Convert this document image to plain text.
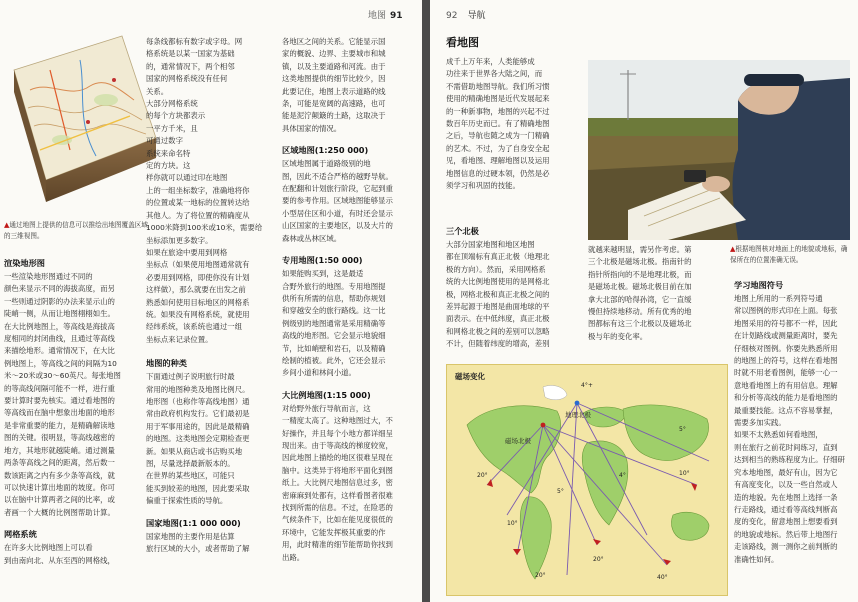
地图 91
▲通过地图上提供的信息可以推绘出地图覆盖区域的三维视图。
渲染地形图
一些渲染地形图通过不同的
颜色来显示不同的海拔高度，而另
一些则通过阴影的办法来显示山的
陡峭一侧，从而让地图栩栩如生。
在大比例地图上，等高线是海拔高
度相同的封闭曲线，且通过等高线
来描绘地形。通常情况下，在大比
例地图上，等高线之间的间隔为10
米～20米或30～60英尺。每张地图
的等高线间隔可能不一样，进行重
要计算时要先核实。通过看地图的
等高线而在脑中想象出地面的地形
是非常重要的能力，是精确解读地
图的关键。很明显，等高线越密的
地方，其地形就越陡峭。通过测量
两条等高线之间的距离，然后数一
数该距离之内有多少条等高线，就
可以快速计算出地面的坡度。你可
以在脑中计算两者之间的比率，或
者画一个大概的比例图帮助计算。
网格系统
在许多大比例地图上可以看
到由南向北、从东至西的网格线，
每条线都标有数字或字母。网
格系统是以某一国家为基础
的，通常情况下，两个相邻
国家的网格系统没有任何
关系。
大部分网格系统
的每个方块都表示
一平方千米，且
可通过数字
系统来命名特
定的方块。这
样你就可以通过印在地图
上的一组坐标数字，准确地将你
的位置或某一地标的位置转达给
其他人。为了将位置的精确度从
1000米降到100米或10米，需要给
坐标添加更多数字。
如果在旅途中要用到网格
坐标点（如果使用地图通常就有
必要用到网格，即使你没有计划
这样做），那么就要在出发之前
熟悉如何使用目标地区的网格系
统。如果没有网格系统，就使用
经纬系统，该系统也通过一组
坐标点来记录位置。
地图的种类
下面通过例子说明旅行时最
常用的地图种类及地图比例尺。
地形图（也称作等高线地图）通
常由政府机构发行。它们最初是
用于军事用途的，因此是最精确
的地图。这类地图会定期检查更
新。如果从商店或书店购买地
图，尽量选择最新版本的。
在世界的某些地区，可能只
能买到较差的地图，因此要采取
偏重于探索性质的导航。
国家地图(1:1 000 000)
国家地图的主要作用是估算
旅行区域的大小，或者帮助了解
各地区之间的关系。它能显示国
家的概貌、边界、主要城市和城
镇，以及主要道路和河流。由于
这类地图提供的细节比较少，因
此要记住，地图上表示道路的线
条，可能是宽阔的高速路，也可
能是泥泞颠簸的土路，这取决于
具体国家的情况。
区域地图(1:250 000)
区域地图属于道路级别的地
图，因此不适合严格的越野导航。
在配翻和计划旅行阶段，它起到重
要的参考作用。区域地图能够显示
小型居住区和小道，有时还会显示
山区国家的主要地区，以及大片的
森林或丛林区域。
专用地图(1:50 000)
如果能购买到，这是最适
合野外旅行的地图。专用地图提
供所有所需的信息，帮助你规划
和穿越安全的旅行路线。这一比
例级别的地图通常是采用精确等
高线的地形图。它会显示地貌细
节，比如峭壁和岩石，以及精确
绘制的植被。此外，它还会显示
乡间小道和林间小道。
大比例地图(1:15 000)
对给野外旅行导航而言，这
一精度太高了。这种地图过大，不
好操作，并且每个小地方都详细呈
现出来。由于等高线的梯度较宽，
因此地图上描绘的地区很难呈现在
脑中。这类异于将地形平面化到图
纸上。大比例尺地图信息过多，密
密麻麻到处都有，这样看图者很难
找到所需的信息。不过，在险恶的
气候条件下，比如在能见度很低的
环境中，它能发挥极其重要的作
用，此时精准的细节能帮助你找到
出路。
92 导航
看地图
成千上万年来，人类能够成
功往来于世界各大陆之间，而
不需借助地图导航。我们所习惯
使用的精确地图是近代发展起来
的一种新事物，地图的兴起不过
数百年历史而已。有了精确地图
之后，导航也随之成为一门精确
的艺术。不过，为了自身安全起
见，看地图、理解地图以及运用
地图信息的过硬本领，仍然是必
须学习和巩固的技能。
▲根据地图核对地面上的地貌或地标，确保所在的位置准确无误。
三个北极
大部分国家地图和地区地图
都在顶端标有真正北极（地理北
极的方向）。然而，采用网格系
统的大比例地图使用的是网格北
极，网格北极和真正北极之间的
差异起源于地图是曲面地球的平
面表示。在中低纬度，真正北极
和网格北极之间的差别可以忽略
不计，但随着纬度的增高，差别
就越来越明显，需另作考虑。第
三个北极是磁场北极。指南针的
指针所指向的不是地理北极，而
是磁场北极。磁场北极目前在加
拿大北部的哈得孙湾，它一直缓
慢但持续地移动。所有优秀的地
图都标有这三个北极以及磁场北
极与年的变化率。
磁场变化
磁场北极
地理北极
4°+
20°
10°
5°
4°
20°
10°
40°
20°
5°
学习地图符号
地图上所用的一系列符号通
常以图例的形式印在上面。每张
地图采用的符号都不一样，因此
在计划路线或测量距离时，要先
仔细核对图例。你要先熟悉所用
的地图上的符号，这样在看地图
时就不用老看图例，能够一心一
意地看地图上的有用信息。理解
和分析等高线的能力是看地图的
最重要技能。这点不容易掌握，
需要多加实践。
如果不太熟悉如何看地图，
则在旅行之前花时间练习，直到
达到相当的熟练程度为止。仔细研
究本地地图，最好有山，因为它
有高度变化，以及一些自然或人
造的地貌。先在地图上选择一条
行走路线，通过看等高线判断高
度的变化，留意地图上想要看到
的地貌或地标。然后带上地图行
走该路线，测一测你之前判断的
准确性如何。
